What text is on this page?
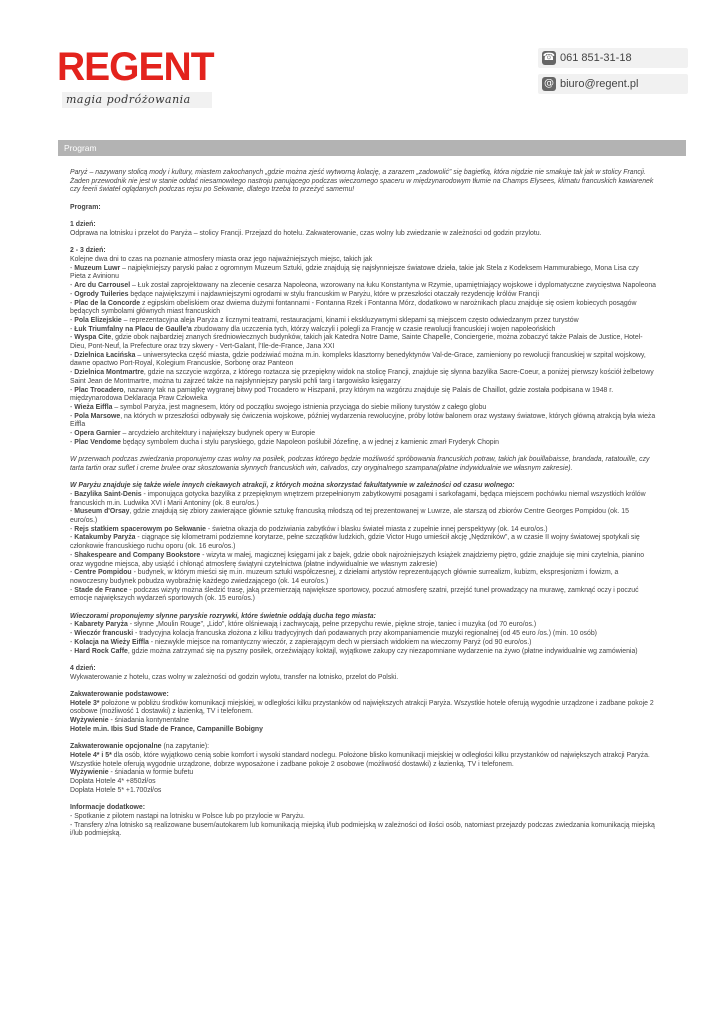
REGENT
magia podróżowania
☎ 061 851-31-18
@ biuro@regent.pl
Program

Paryż – nazywany stolicą mody i kultury, miastem zakochanych „gdzie można zjeść wytworną kolację, a zarazem „zadowolić” się bagietką, która nigdzie nie smakuje tak jak w stolicy Francji. Żaden przewodnik nie jest w stanie oddać niesamowitego nastroju panującego podczas wieczornego spaceru w międzynarodowym tłumie na Champs Elysees, klimatu francuskich kawiarenek czy feerii świateł oglądanych podczas rejsu po Sekwanie, dlatego trzeba to przeżyć samemu!

Program:

1 dzień:

Odprawa na lotnisku i przelot do Paryża – stolicy Francji. Przejazd do hotelu. Zakwaterowanie, czas wolny lub zwiedzanie w zależności od godzin przylotu.

2 - 3 dzień:

Kolejne dwa dni to czas na poznanie atmosfery miasta oraz jego najważniejszych miejsc, takich jak

- Muzeum Luwr – najpiękniejszy paryski pałac z ogromnym Muzeum Sztuki, gdzie znajdują się najsłynniejsze światowe dzieła, takie jak Stela z Kodeksem Hammurabiego, Mona Lisa czy Pieta z Avinionu

- Arc du Carrousel – Łuk został zaprojektowany na zlecenie cesarza Napoleona, wzorowany na łuku Konstantyna w Rzymie, upamiętniający wojskowe i dyplomatyczne zwycięstwa Napoleona

- Ogrody Tuileries będące największymi i najdawniejszymi ogrodami w stylu francuskim w Paryżu, które w przeszłości otaczały rezydencję królów Francji

- Plac de la Concorde z egipskim obeliskiem oraz dwiema dużymi fontannami - Fontanna Rzek i Fontanna Mórz, dodatkowo w narożnikach placu znajduje się osiem kobiecych posągów będących symbolami głównych miast francuskich

- Pola Elizejskie – reprezentacyjna aleja Paryża z licznymi teatrami, restauracjami, kinami i ekskluzywnymi sklepami są miejscem często odwiedzanym przez turystów

- Łuk Triumfalny na Placu de Gaulle'a zbudowany dla uczczenia tych, którzy walczyli i polegli za Francję w czasie rewolucji francuskiej i wojen napoleońskich

- Wyspa Cite, gdzie obok najbardziej znanych średniowiecznych budynków, takich jak Katedra Notre Dame, Sainte Chapelle, Conciergerie, można zobaczyć także Palais de Justice, Hotel-Dieu, Pont-Neuf, la Prefecture oraz trzy skwery - Vert-Galant, l’Ile-de-France, Jana XXI

- Dzielnica Łacińska – uniwersytecka część miasta, gdzie podziwiać można m.in. kompleks klasztorny benedyktynów Val-de-Grace, zamieniony po rewolucji francuskiej w szpital wojskowy, dawne opactwo Port-Royal, Kolegium Francuskie, Sorbonę oraz Panteon

- Dzielnica Montmartre, gdzie na szczycie wzgórza, z którego roztacza się przepiękny widok na stolicę Francji, znajduje się słynna bazylika Sacre-Coeur, a poniżej pierwszy kościół żelbetowy Saint Jean de Montmartre, można tu zajrzeć także na najsłynniejszy paryski pchli targ i targowisko księgarzy

- Plac Trocadero, nazwany tak na pamiątkę wygranej bitwy pod Trocadero w Hiszpanii, przy którym na wzgórzu znajduje się Palais de Chaillot, gdzie została podpisana w 1948 r. międzynarodowa Deklaracja Praw Człowieka

- Wieża Eiffla – symbol Paryża, jest magnesem, który od początku swojego istnienia przyciąga do siebie miliony turystów z całego globu

- Pola Marsowe, na których w przeszłości odbywały się ćwiczenia wojskowe, później wydarzenia rewolucyjne, próby lotów balonem oraz wystawy światowe, których główną atrakcją była wieża Eiffla

- Opera Garnier – arcydzieło architektury i największy budynek opery w Europie

- Plac Vendome będący symbolem ducha i stylu paryskiego, gdzie Napoleon poślubił Józefinę, a w jednej z kamienic zmarł Fryderyk Chopin

W przerwach podczas zwiedzania proponujemy czas wolny na posiłek, podczas którego będzie możliwość spróbowania francuskich potraw, takich jak bouillabaisse, brandada, ratatouille, czy tarta tartin oraz suflet i creme brulee oraz skosztowania słynnych francuskich win, calvados, czy oryginalnego szampana(płatne indywidualnie we własnym zakresie).

W Paryżu znajduje się także wiele innych ciekawych atrakcji, z których można skorzystać fakultatywnie w zależności od czasu wolnego:

- Bazylika Saint-Denis - imponująca gotycka bazylika z przepięknym wnętrzem przepełnionym zabytkowymi posągami i sarkofagami, będąca miejscem pochówku niemal wszystkich królów francuskich m.in. Ludwika XVI i Marii Antoniny (ok. 8 euro/os.)

- Museum d'Orsay, gdzie znajdują się zbiory zawierające głównie sztukę francuską młodszą od tej prezentowanej w Luwrze, ale starszą od zbiorów Centre Georges Pompidou (ok. 15 euro/os.)

- Rejs statkiem spacerowym po Sekwanie - świetna okazja do podziwiania zabytków i blasku świateł miasta z zupełnie innej perspektywy (ok. 14 euro/os.)

- Katakumby Paryża - ciągnące się kilometrami podziemne korytarze, pełne szczątków ludzkich, gdzie Victor Hugo umieścił akcję „Nędzników”, a w czasie II wojny światowej spotykali się członkowie francuskiego ruchu oporu (ok. 16 euro/os.)

- Shakespeare and Company Bookstore - wizyta w małej, magicznej księgarni jak z bajek, gdzie obok najrożniejszych książek znajdziemy piętro, gdzie znajduje się mini czytelnia, pianino oraz wygodne miejsca, aby usiąść i chłonąć atmosferę świątyni czytelnictwa (płatne indywidualnie we własnym zakresie)

- Centre Pompidou - budynek, w którym mieści się m.in. muzeum sztuki współczesnej, z dziełami artystów reprezentujących głównie surrealizm, kubizm, ekspresjonizm i fowizm, a nowoczesny budynek pobudza wyobraźnię każdego zwiedzającego (ok. 14 euro/os.)

- Stade de France - podczas wizyty można śledzić trasę, jaką przemierzają największe sportowcy, poczuć atmosferę szatni, przejść tunel prowadzący na murawę, zamknąć oczy i poczuć emocje największych wydarzeń sportowych (ok. 15 euro/os.)

Wieczorami proponujemy słynne paryskie rozrywki, które świetnie oddają ducha tego miasta:

- Kabarety Paryża - słynne „Moulin Rouge”, „Lido”, które olśniewają i zachwycają, pełne przepychu rewie, piękne stroje, taniec i muzyka (od 70 euro/os.)

- Wieczór francuski - tradycyjna kolacja francuska złożona z kilku tradycyjnych dań podawanych przy akompaniamencie muzyki regionalnej (od 45 euro /os.) (min. 10 osób)

- Kolacja na Wieży Eiffla - niezwykle miejsce na romantyczny wieczór, z zapierającym dech w piersiach widokiem na wieczorny Paryż (od 90 euro/os.)

- Hard Rock Caffe, gdzie można zatrzymać się na pyszny posiłek, orzeźwiający koktajl, wyjątkowe zakupy czy niezapomniane wydarzenie na żywo (płatne indywidualnie wg zamówienia)

4 dzień:

Wykwaterowanie z hotelu, czas wolny w zależności od godzin wylotu, transfer na lotnisko, przelot do Polski.

Zakwaterowanie podstawowe:

Hotele 3* położone w pobliżu środków komunikacji miejskiej, w odległości kilku przystanków od największych atrakcji Paryża. Wszystkie hotele oferują wygodnie urządzone i zadbane pokoje 2 osobowe (możliwość 1 dostawki) z łazienką, TV i telefonem.

Wyżywienie - śniadania kontynentalne

Hotele m.in. Ibis Sud Stade de France, Campanille Bobigny

Zakwaterowanie opcjonalne (na zapytanie):

Hotele 4* i 5* dla osób, które wyjątkowo cenią sobie komfort i wysoki standard noclegu. Położone blisko komunikacji miejskiej w odległości kilku przystanków od największych atrakcji Paryża. Wszystkie hotele oferują wygodnie urządzone, dobrze wyposażone i zadbane pokoje 2 osobowe (możliwość dostawki) z łazienką, TV i telefonem.

Wyżywienie - śniadania w formie bufetu

Dopłata Hotele 4* +850zł/os

Dopłata Hotele 5* +1.700zł/os

Informacje dodatkowe:

- Spotkanie z pilotem nastąpi na lotnisku w Polsce lub po przylocie w Paryżu.

- Transfery z/na lotnisko są realizowane busem/autokarem lub komunikacją miejską i/lub podmiejską w zależności od ilości osób, natomiast przejazdy podczas zwiedzania komunikacją miejską i/lub podmiejską.
